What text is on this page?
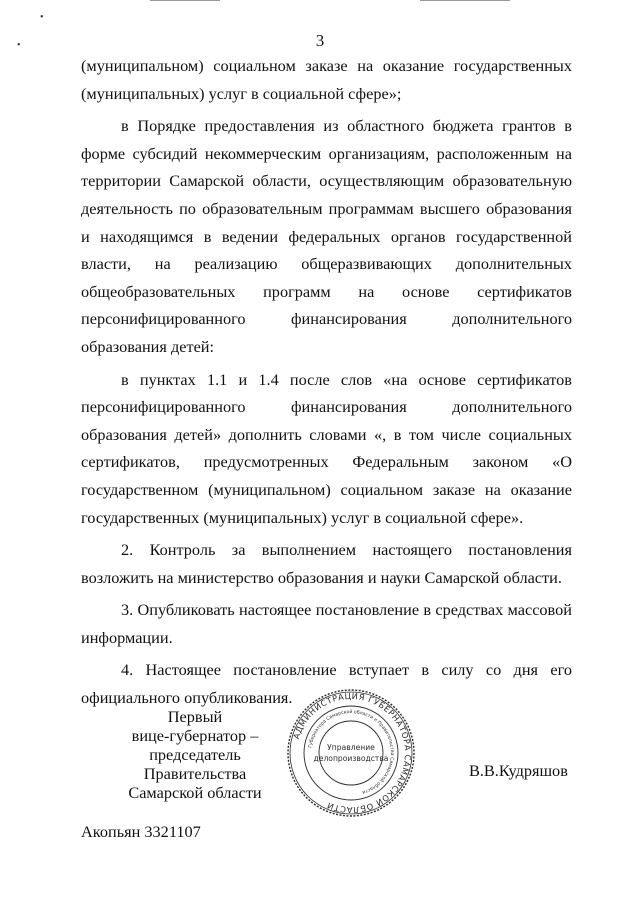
•
•	3

(муниципальном) социальном заказе на оказание государственных (муниципальных) услуг в социальной сфере»;

в Порядке предоставления из областного бюджета грантов в форме субсидий некоммерческим организациям, расположенным на территории Самарской области, осуществляющим образовательную деятельность по образовательным программам высшего образования и находящимся в ведении федеральных органов государственной власти, на реализацию общеразвивающих дополнительных общеобразовательных программ на основе сертификатов персонифицированного финансирования дополнительного образования детей:

в пунктах 1.1 и 1.4 после слов «на основе сертификатов персонифицированного финансирования дополнительного образования детей» дополнить словами «, в том числе социальных сертификатов, предусмотренных Федеральным законом «О государственном (муниципальном) социальном заказе на оказание государственных (муниципальных) услуг в социальной сфере».

2. Контроль за выполнением настоящего постановления возложить на министерство образования и науки Самарской области.

3. Опубликовать настоящее постановление в средствах массовой информации.

4. Настоящее постановление вступает в силу со дня его официального опубликования.

Первый
вице-губернатор –
председатель Правительства
Самарской области
АДМИНИСТРАЦИЯ ГУБЕРНАТОРА САМАРСКОЙ ОБЛАСТИ
Губернатора Самарской области и Правительства Самарской области
Управление
делопроизводства
В.В.Кудряшов
Акопьян 3321107
